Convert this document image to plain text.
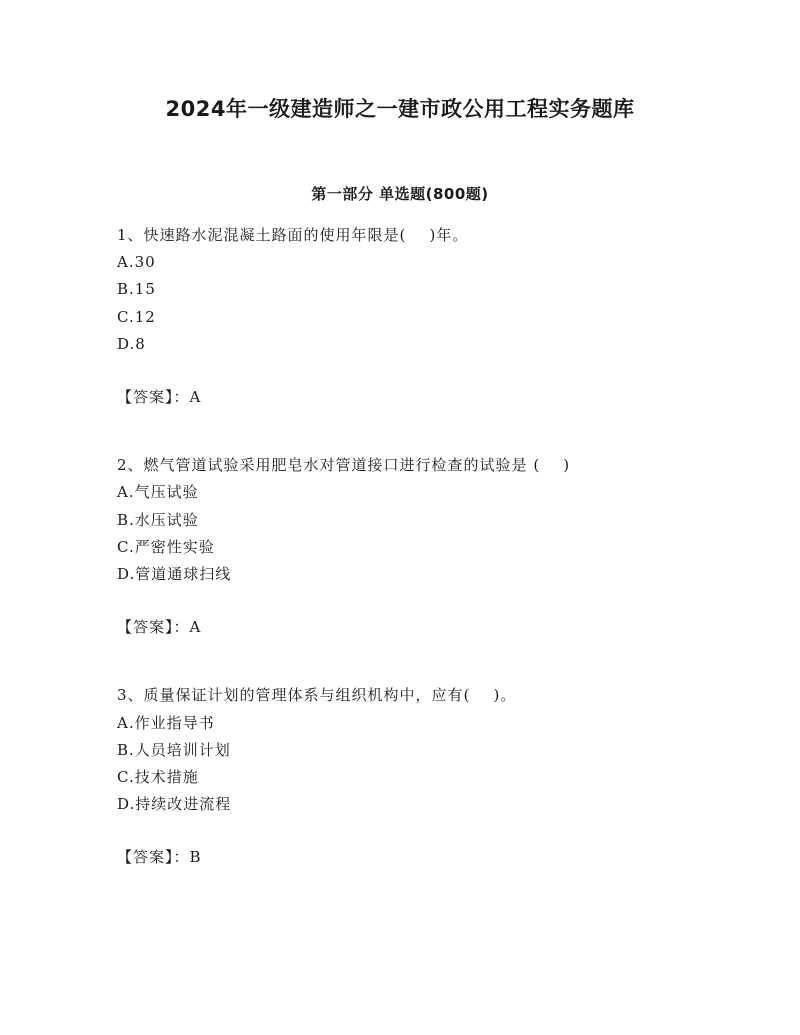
2024年一级建造师之一建市政公用工程实务题库
第一部分 单选题(800题)
1、快速路水泥混凝土路面的使用年限是(    )年。
A.30
B.15
C.12
D.8
【答案】：A
2、燃气管道试验采用肥皂水对管道接口进行检查的试验是 (    )
A.气压试验
B.水压试验
C.严密性实验
D.管道通球扫线
【答案】：A
3、质量保证计划的管理体系与组织机构中，应有(    )。
A.作业指导书
B.人员培训计划
C.技术措施
D.持续改进流程
【答案】：B
